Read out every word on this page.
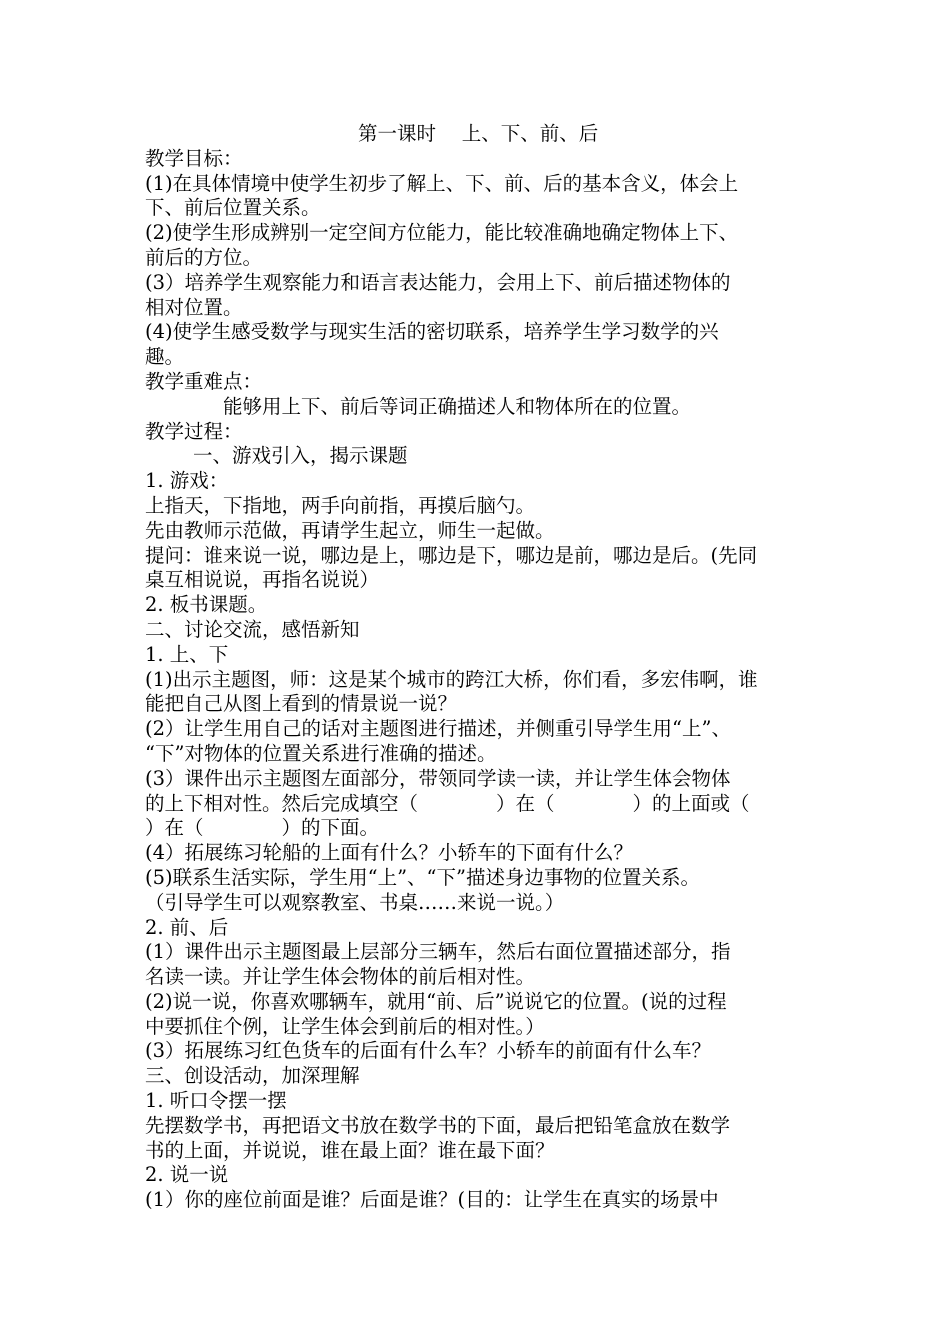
第一课时　 上、下、前、后

教学目标：

(1)在具体情境中使学生初步了解上、下、前、后的基本含义，体会上

下、前后位置关系。

(2)使学生形成辨别一定空间方位能力，能比较准确地确定物体上下、

前后的方位。

(3）培养学生观察能力和语言表达能力，会用上下、前后描述物体的

相对位置。

(4)使学生感受数学与现实生活的密切联系，培养学生学习数学的兴

趣。

教学重难点：

能够用上下、前后等词正确描述人和物体所在的位置。

教学过程：

一、游戏引入，揭示课题

1. 游戏：

上指天，下指地，两手向前指，再摸后脑勺。

先由教师示范做，再请学生起立，师生一起做。

提问：谁来说一说，哪边是上，哪边是下，哪边是前，哪边是后。(先同

桌互相说说，再指名说说）

2. 板书课题。

二、讨论交流，感悟新知

1. 上、下

(1)出示主题图，师：这是某个城市的跨江大桥，你们看，多宏伟啊，谁

能把自己从图上看到的情景说一说？

(2）让学生用自己的话对主题图进行描述，并侧重引导学生用“上”、

“下”对物体的位置关系进行准确的描述。

(3）课件出示主题图左面部分，带领同学读一读，并让学生体会物体

的上下相对性。然后完成填空（　　　　）在（　　　　）的上面或（

）在（　　　　）的下面。

(4）拓展练习轮船的上面有什么？小轿车的下面有什么？

(5)联系生活实际，学生用“上”、“下”描述身边事物的位置关系。

（引导学生可以观察教室、书桌……来说一说。）

2. 前、后

(1）课件出示主题图最上层部分三辆车，然后右面位置描述部分，指

名读一读。并让学生体会物体的前后相对性。

(2)说一说，你喜欢哪辆车，就用“前、后”说说它的位置。(说的过程

中要抓住个例，让学生体会到前后的相对性。）

(3）拓展练习红色货车的后面有什么车？小轿车的前面有什么车？

三、创设活动，加深理解

1. 听口令摆一摆

先摆数学书，再把语文书放在数学书的下面，最后把铅笔盒放在数学

书的上面，并说说，谁在最上面？谁在最下面？

2. 说一说

(1）你的座位前面是谁？后面是谁？(目的：让学生在真实的场景中
